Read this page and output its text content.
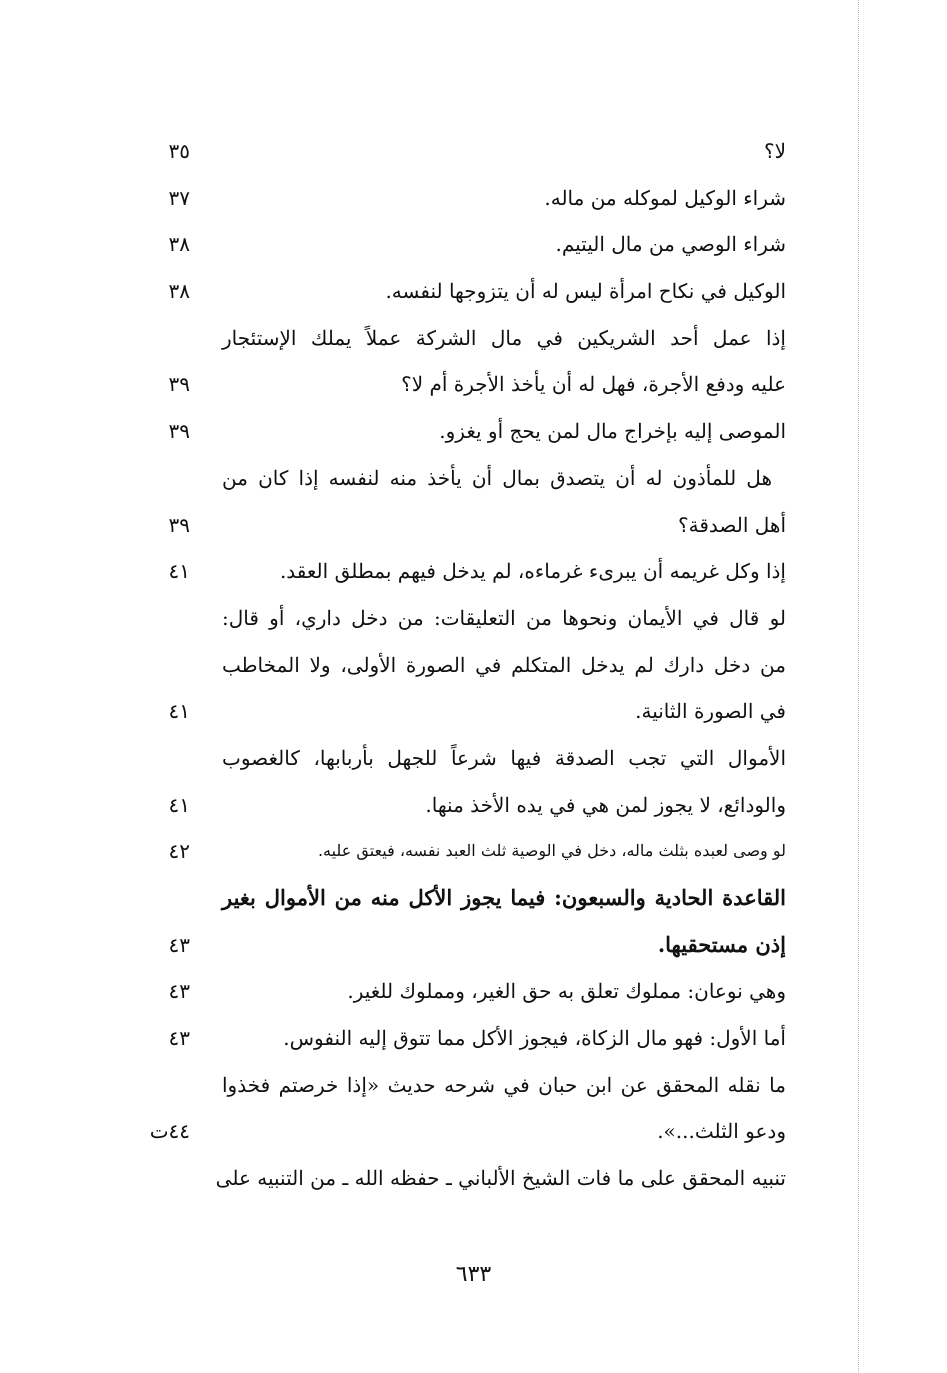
لا؟
٣٥
شراء الوكيل لموكله من ماله.
٣٧
شراء الوصي من مال اليتيم.
٣٨
الوكيل في نكاح امرأة ليس له أن يتزوجها لنفسه.
٣٨
إذا عمل أحد الشريكين في مال الشركة عملاً يملك الإستئجار
عليه ودفع الأجرة، فهل له أن يأخذ الأجرة أم لا؟
٣٩
الموصى إليه بإخراج مال لمن يحج أو يغزو.
٣٩
هل للمأذون له أن يتصدق بمال أن يأخذ منه لنفسه إذا كان من
أهل الصدقة؟
٣٩
إذا وكل غريمه أن يبرىء غرماءه، لم يدخل فيهم بمطلق العقد.
٤١
لو قال في الأيمان ونحوها من التعليقات: من دخل داري، أو قال:
من دخل دارك لم يدخل المتكلم في الصورة الأولى، ولا المخاطب
في الصورة الثانية.
٤١
الأموال التي تجب الصدقة فيها شرعاً للجهل بأربابها، كالغصوب
والودائع، لا يجوز لمن هي في يده الأخذ منها.
٤١
لو وصى لعبده بثلث ماله، دخل في الوصية ثلث العبد نفسه، فيعتق عليه.
٤٢
القاعدة الحادية والسبعون: فيما يجوز الأكل منه من الأموال بغير
إذن مستحقيها.
٤٣
وهي نوعان: مملوك تعلق به حق الغير، ومملوك للغير.
٤٣
أما الأول: فهو مال الزكاة، فيجوز الأكل مما تتوق إليه النفوس.
٤٣
ما نقله المحقق عن ابن حبان في شرحه حديث «إذا خرصتم فخذوا
ودعو الثلث...».
٤٤ت
تنبيه المحقق على ما فات الشيخ الألباني ـ حفظه الله ـ من التنبيه على
٦٣٣
